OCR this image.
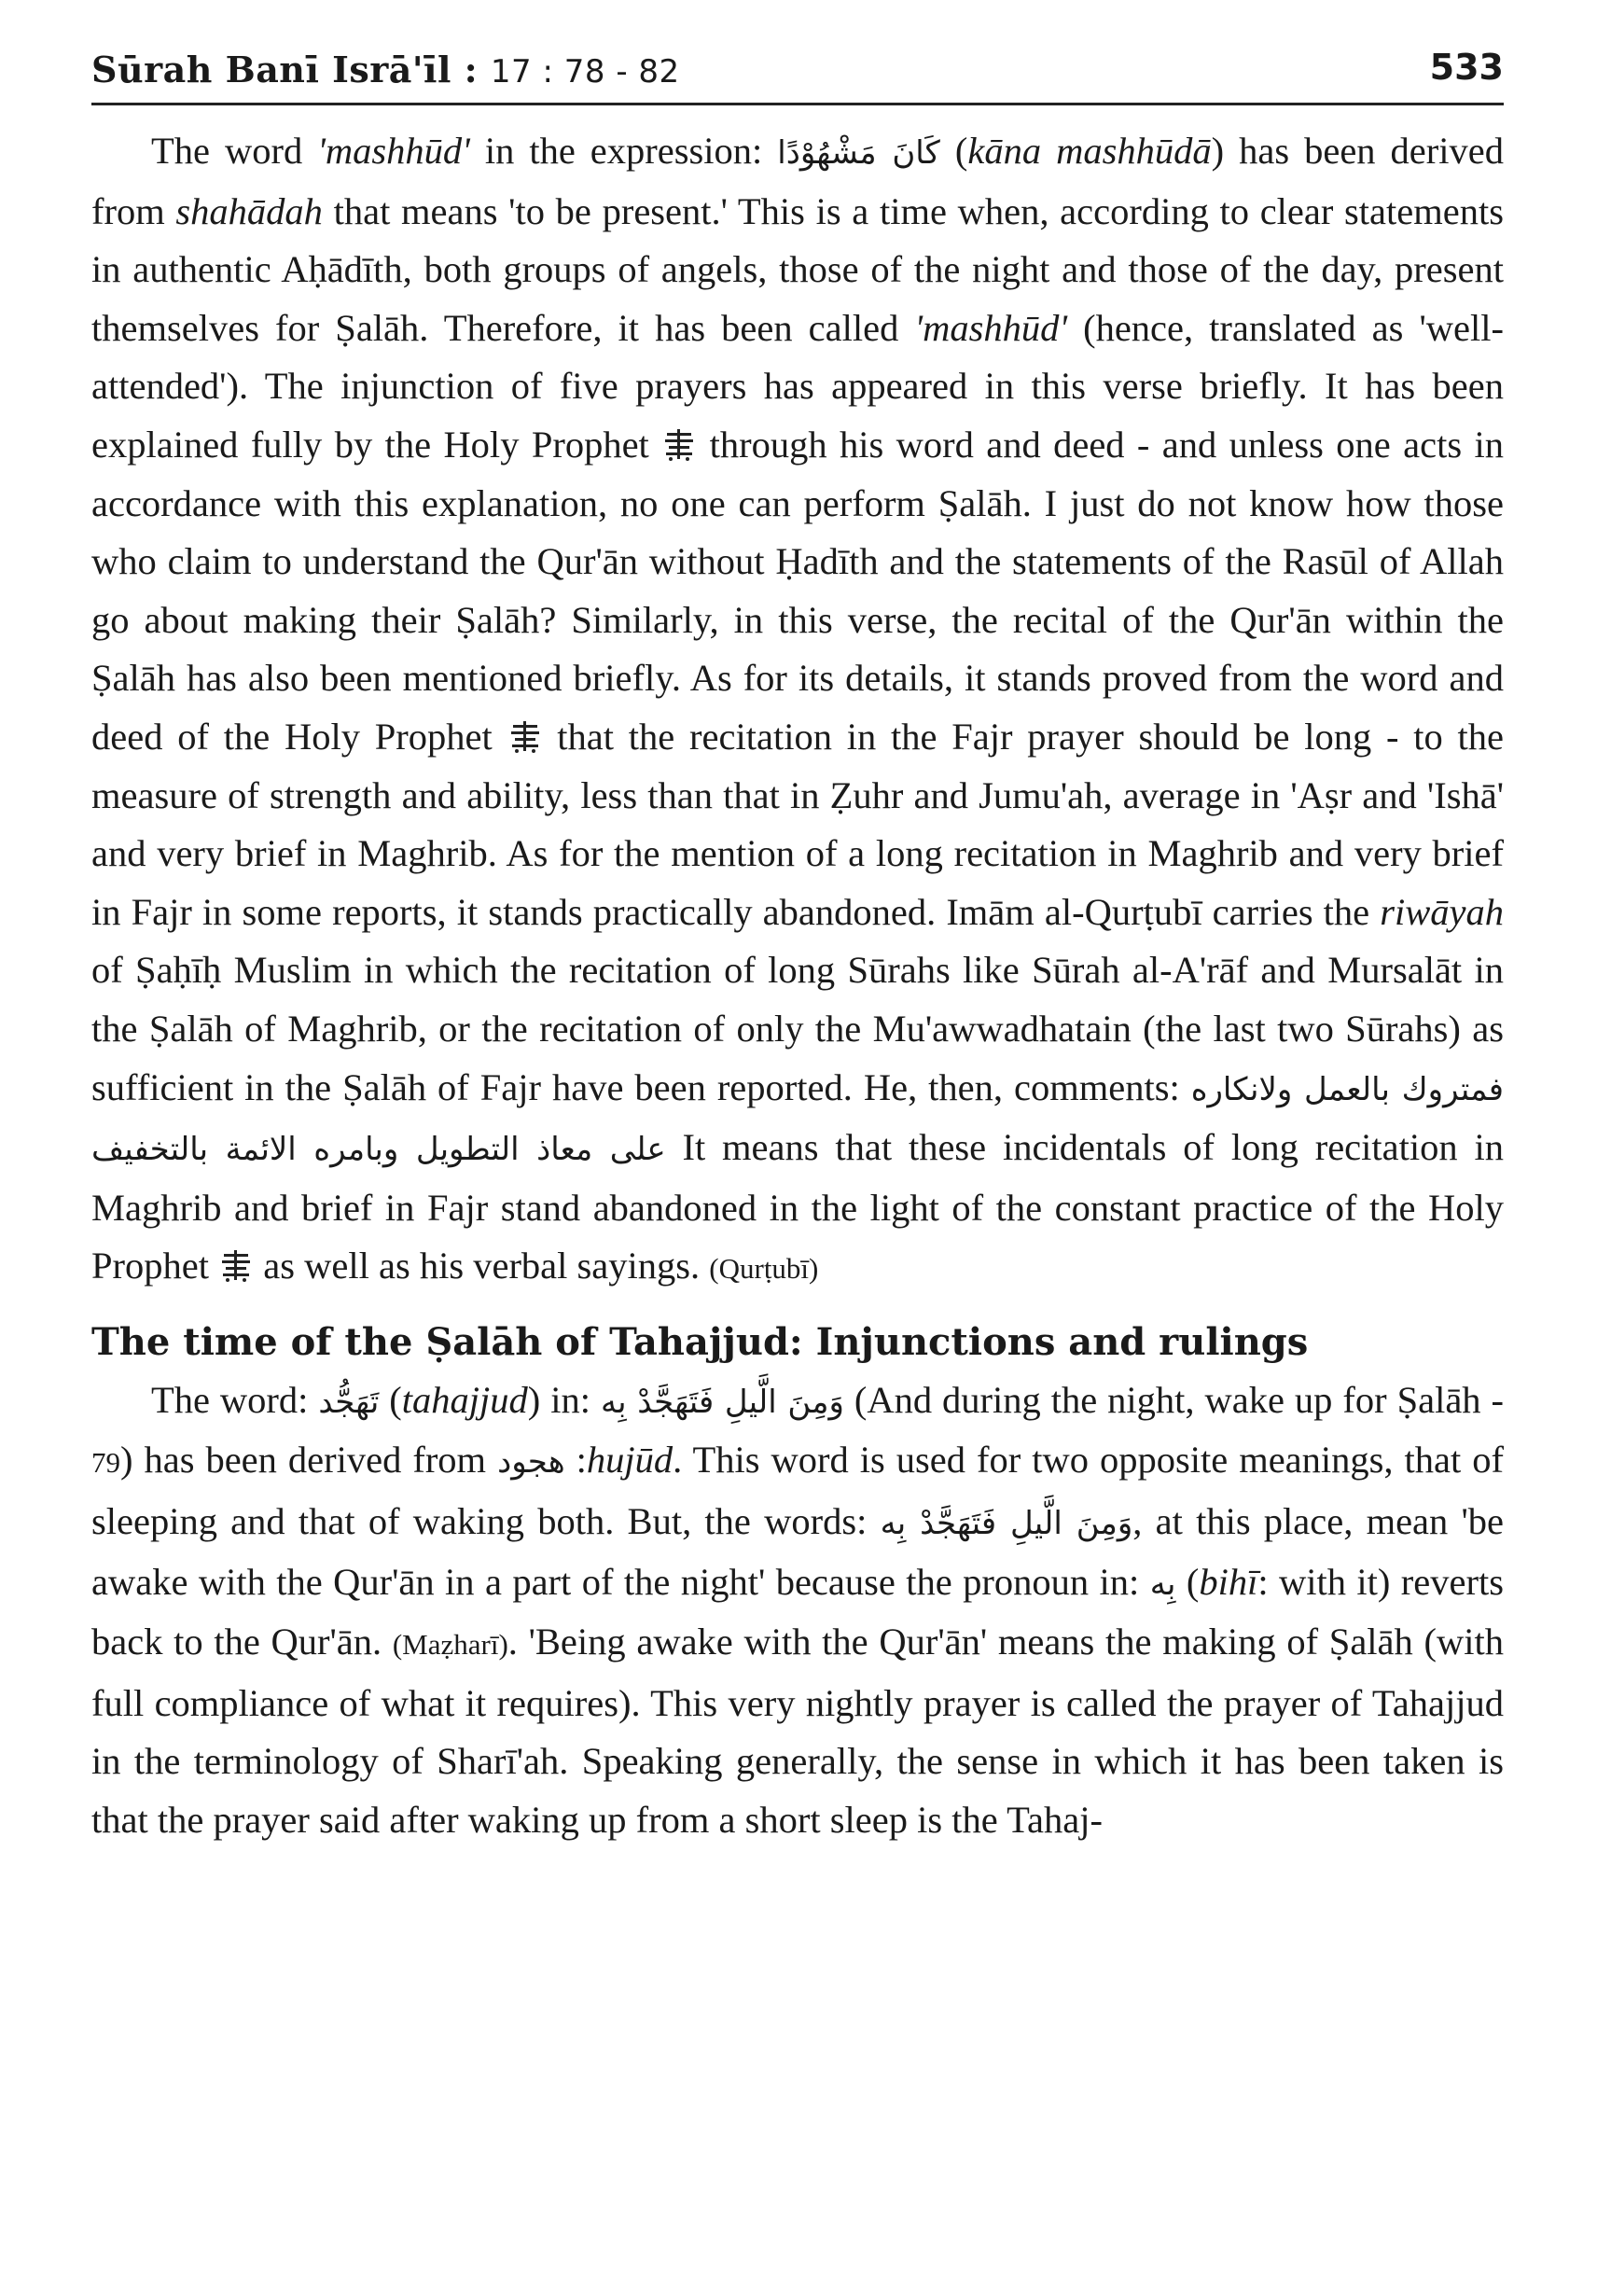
Sūrah Banī Isrā'īl : 17 : 78 - 82	533

The word 'mashhūd' in the expression: كَانَ مَشْهُوْدًا (kāna mashhūdā) has been derived from shahādah that means 'to be present.' This is a time when, according to clear statements in authentic Aḥādīth, both groups of angels, those of the night and those of the day, present themselves for Ṣalāh. Therefore, it has been called 'mashhūd' (hence, translated as 'well-attended'). The injunction of five prayers has appeared in this verse briefly. It has been explained fully by the Holy Prophet  through his word and deed - and unless one acts in accordance with this explanation, no one can perform Ṣalāh. I just do not know how those who claim to understand the Qur'ān without Ḥadīth and the statements of the Rasūl of Allah go about making their Ṣalāh? Similarly, in this verse, the recital of the Qur'ān within the Ṣalāh has also been mentioned briefly. As for its details, it stands proved from the word and deed of the Holy Prophet  that the recitation in the Fajr prayer should be long - to the measure of strength and ability, less than that in Ẓuhr and Jumu'ah, average in 'Aṣr and 'Ishā' and very brief in Maghrib. As for the mention of a long recitation in Maghrib and very brief in Fajr in some reports, it stands practically abandoned. Imām al-Qurṭubī carries the riwāyah of Ṣaḥīḥ Muslim in which the recitation of long Sūrahs like Sūrah al-A'rāf and Mursalāt in the Ṣalāh of Maghrib, or the recitation of only the Mu'awwadhatain (the last two Sūrahs) as sufficient in the Ṣalāh of Fajr have been reported. He, then, comments: فمتروك بالعمل ولانكاره على معاذ التطويل وبامره الائمة بالتخفيف It means that these incidentals of long recitation in Maghrib and brief in Fajr stand abandoned in the light of the constant practice of the Holy Prophet  as well as his verbal sayings. (Qurṭubī)

The time of the Ṣalāh of Tahajjud: Injunctions and rulings

The word: تَهَجُّد (tahajjud) in: وَمِنَ الَّيلِ فَتَهَجَّدْ بِه (And during the night, wake up for Ṣalāh - 79) has been derived from هجود :hujūd. This word is used for two opposite meanings, that of sleeping and that of waking both. But, the words: وَمِنَ الَّيلِ فَتَهَجَّدْ بِه, at this place, mean 'be awake with the Qur'ān in a part of the night' because the pronoun in: بِه (bihī: with it) reverts back to the Qur'ān. (Maẓharī). 'Being awake with the Qur'ān' means the making of Ṣalāh (with full compliance of what it requires). This very nightly prayer is called the prayer of Tahajjud in the terminology of Sharī'ah. Speaking generally, the sense in which it has been taken is that the prayer said after waking up from a short sleep is the Tahaj-
